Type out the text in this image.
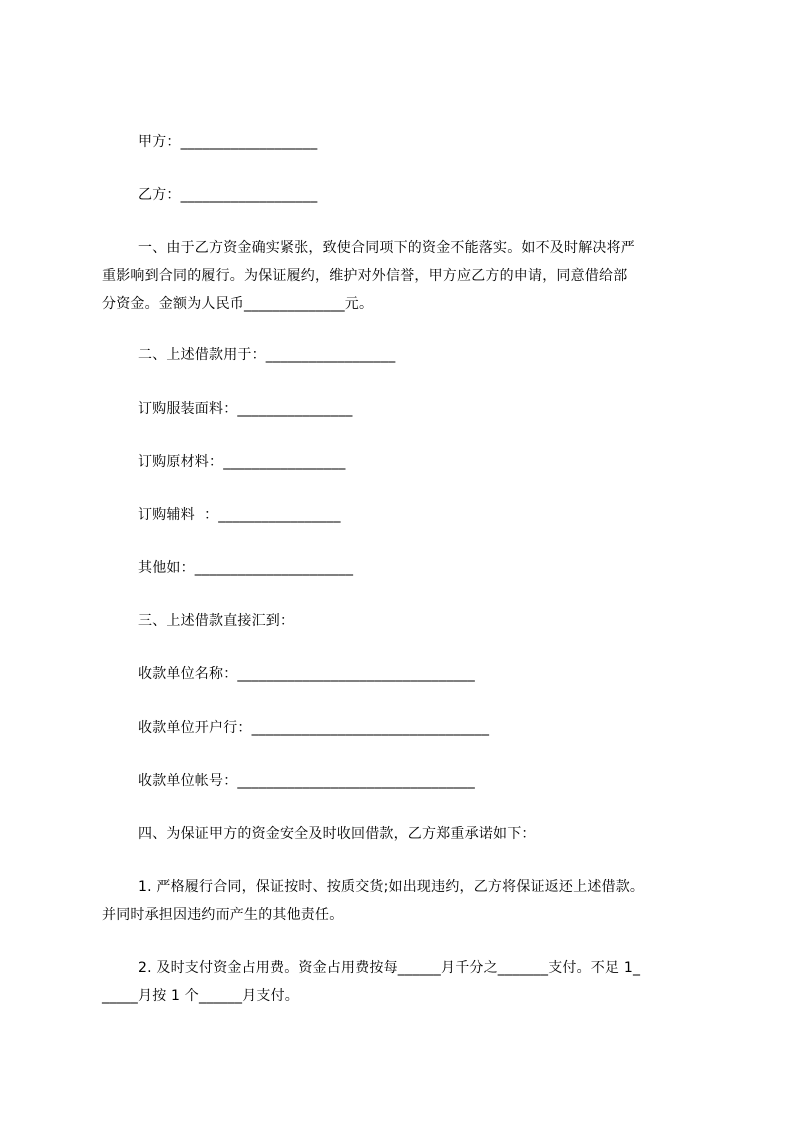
甲方：___________________
乙方：___________________
一、由于乙方资金确实紧张，致使合同项下的资金不能落实。如不及时解决将严
重影响到合同的履行。为保证履约，维护对外信誉，甲方应乙方的申请，同意借给部
分资金。金额为人民币______________元。
二、上述借款用于：__________________
订购服装面料：________________
订购原材料：_________________
订购辅料  ：_________________
其他如：______________________
三、上述借款直接汇到：
收款单位名称：_________________________________
收款单位开户行：_________________________________
收款单位帐号：_________________________________
四、为保证甲方的资金安全及时收回借款，乙方郑重承诺如下：
1. 严格履行合同，保证按时、按质交货;如出现违约，乙方将保证返还上述借款。
并同时承担因违约而产生的其他责任。
2. 及时支付资金占用费。资金占用费按每______月千分之_______支付。不足 1_
_____月按 1 个______月支付。
